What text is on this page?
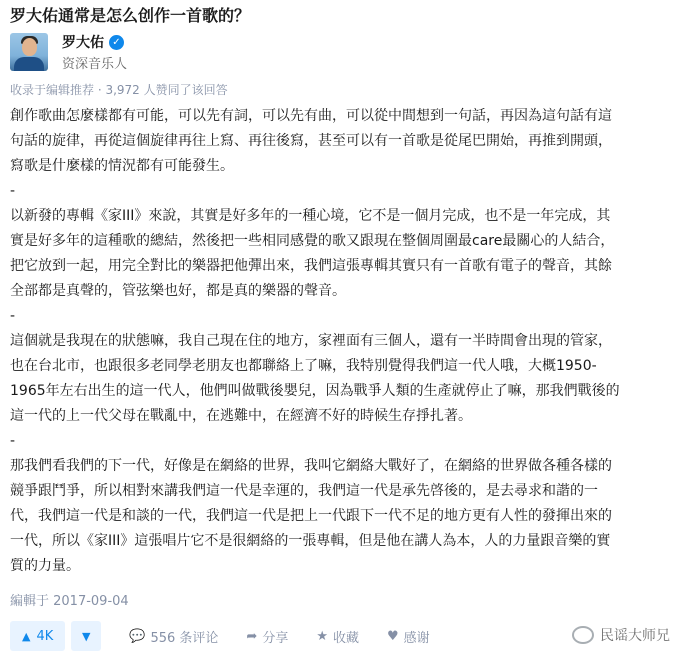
罗大佑通常是怎么创作一首歌的？
罗大佑 ✓
资深音乐人
收录于编辑推荐 · 3,972 人赞同了该回答

創作歌曲怎麼樣都有可能，可以先有詞，可以先有曲，可以從中間想到一句話，再因為這句話有這

句話的旋律，再從這個旋律再往上寫、再往後寫，甚至可以有一首歌是從尾巴開始，再推到開頭，

寫歌是什麼樣的情況都有可能發生。

-

以新發的專輯《家III》來說，其實是好多年的一種心境，它不是一個月完成，也不是一年完成，其

實是好多年的這種歌的總結，然後把一些相同感覺的歌又跟現在整個周圍最care最關心的人結合，

把它放到一起，用完全對比的樂器把他彈出來，我們這張專輯其實只有一首歌有電子的聲音，其餘

全部都是真聲的，管弦樂也好，都是真的樂器的聲音。

-

這個就是我現在的狀態嘛，我自己現在住的地方，家裡面有三個人，還有一半時間會出現的管家，

也在台北市，也跟很多老同學老朋友也都聯絡上了嘛，我特別覺得我們這一代人哦，大概1950-

1965年左右出生的這一代人，他們叫做戰後嬰兒，因為戰爭人類的生產就停止了嘛，那我們戰後的

這一代的上一代父母在戰亂中，在逃難中，在經濟不好的時候生存掙扎著。

-

那我們看我們的下一代，好像是在網絡的世界，我叫它網絡大戰好了，在網絡的世界做各種各樣的

競爭跟鬥爭，所以相對來講我們這一代是幸運的，我們這一代是承先啓後的，是去尋求和諧的一

代，我們這一代是和談的一代，我們這一代是把上一代跟下一代不足的地方更有人性的發揮出來的

一代，所以《家III》這張唱片它不是很網絡的一張專輯，但是他在講人為本，人的力量跟音樂的實

質的力量。

編輯于 2017-09-04
▲ 4K	▼	💬 556 条评论 ➦ 分享 ★ 收藏 ♥ 感谢	民谣大师兄
